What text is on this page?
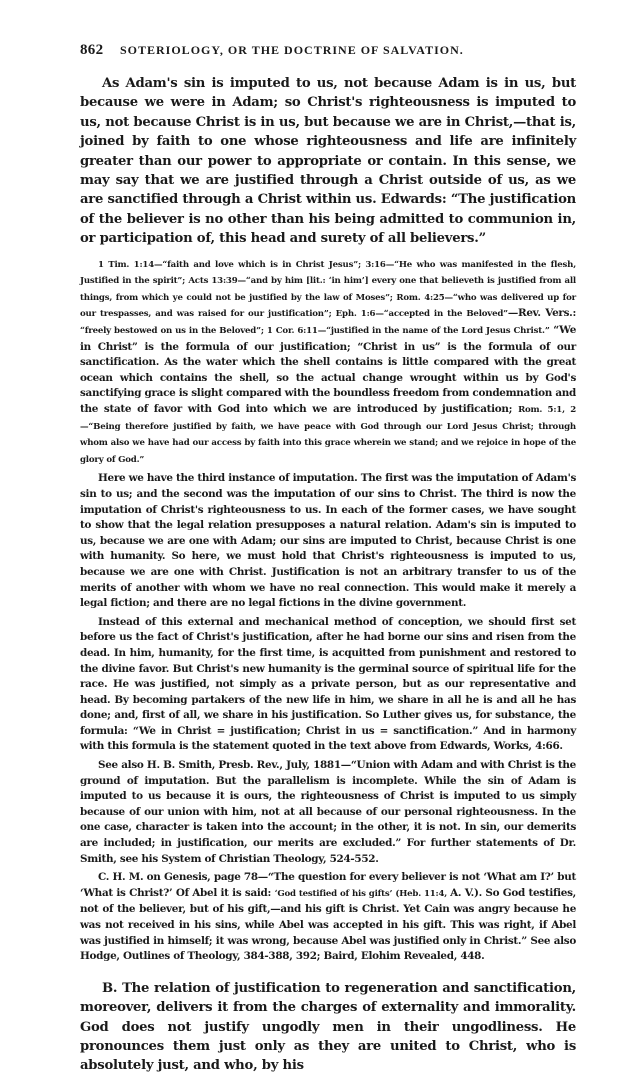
862	SOTERIOLOGY, OR THE DOCTRINE OF SALVATION.

As Adam's sin is imputed to us, not because Adam is in us, but because we were in Adam; so Christ's righteousness is imputed to us, not because Christ is in us, but because we are in Christ,—that is, joined by faith to one whose righteousness and life are infinitely greater than our power to appropriate or contain. In this sense, we may say that we are justified through a Christ outside of us, as we are sanctified through a Christ within us. Edwards: “The justification of the believer is no other than his being admitted to communion in, or participation of, this head and surety of all believers.”

1 Tim. 1:14—“faith and love which is in Christ Jesus”; 3:16—“He who was manifested in the flesh, Justified in the spirit”; Acts 13:39—“and by him [lit.: ‘in him’] every one that believeth is justified from all things, from which ye could not be justified by the law of Moses”; Rom. 4:25—“who was delivered up for our trespasses, and was raised for our justification”; Eph. 1:6—“accepted in the Beloved”—Rev. Vers.: “freely bestowed on us in the Beloved”; 1 Cor. 6:11—“justified in the name of the Lord Jesus Christ.” “We in Christ” is the formula of our justification; “Christ in us” is the formula of our sanctification. As the water which the shell contains is little compared with the great ocean which contains the shell, so the actual change wrought within us by God's sanctifying grace is slight compared with the boundless freedom from condemnation and the state of favor with God into which we are introduced by justification; Rom. 5:1, 2—“Being therefore justified by faith, we have peace with God through our Lord Jesus Christ; through whom also we have had our access by faith into this grace wherein we stand; and we rejoice in hope of the glory of God.”

Here we have the third instance of imputation. The first was the imputation of Adam's sin to us; and the second was the imputation of our sins to Christ. The third is now the imputation of Christ's righteousness to us. In each of the former cases, we have sought to show that the legal relation presupposes a natural relation. Adam's sin is imputed to us, because we are one with Adam; our sins are imputed to Christ, because Christ is one with humanity. So here, we must hold that Christ's righteousness is imputed to us, because we are one with Christ. Justification is not an arbitrary transfer to us of the merits of another with whom we have no real connection. This would make it merely a legal fiction; and there are no legal fictions in the divine government.

Instead of this external and mechanical method of conception, we should first set before us the fact of Christ's justification, after he had borne our sins and risen from the dead. In him, humanity, for the first time, is acquitted from punishment and restored to the divine favor. But Christ's new humanity is the germinal source of spiritual life for the race. He was justified, not simply as a private person, but as our representative and head. By becoming partakers of the new life in him, we share in all he is and all he has done; and, first of all, we share in his justification. So Luther gives us, for substance, the formula: “We in Christ = justification; Christ in us = sanctification.” And in harmony with this formula is the statement quoted in the text above from Edwards, Works, 4:66.

See also H. B. Smith, Presb. Rev., July, 1881—“Union with Adam and with Christ is the ground of imputation. But the parallelism is incomplete. While the sin of Adam is imputed to us because it is ours, the righteousness of Christ is imputed to us simply because of our union with him, not at all because of our personal righteousness. In the one case, character is taken into the account; in the other, it is not. In sin, our demerits are included; in justification, our merits are excluded.” For further statements of Dr. Smith, see his System of Christian Theology, 524-552.

C. H. M. on Genesis, page 78—“The question for every believer is not ‘What am I?’ but ‘What is Christ?’ Of Abel it is said: ‘God testified of his gifts’ (Heb. 11:4, A. V.). So God testifies, not of the believer, but of his gift,—and his gift is Christ. Yet Cain was angry because he was not received in his sins, while Abel was accepted in his gift. This was right, if Abel was justified in himself; it was wrong, because Abel was justified only in Christ.” See also Hodge, Outlines of Theology, 384-388, 392; Baird, Elohim Revealed, 448.

B. The relation of justification to regeneration and sanctification, moreover, delivers it from the charges of externality and immorality. God does not justify ungodly men in their ungodliness. He pronounces them just only as they are united to Christ, who is absolutely just, and who, by his
